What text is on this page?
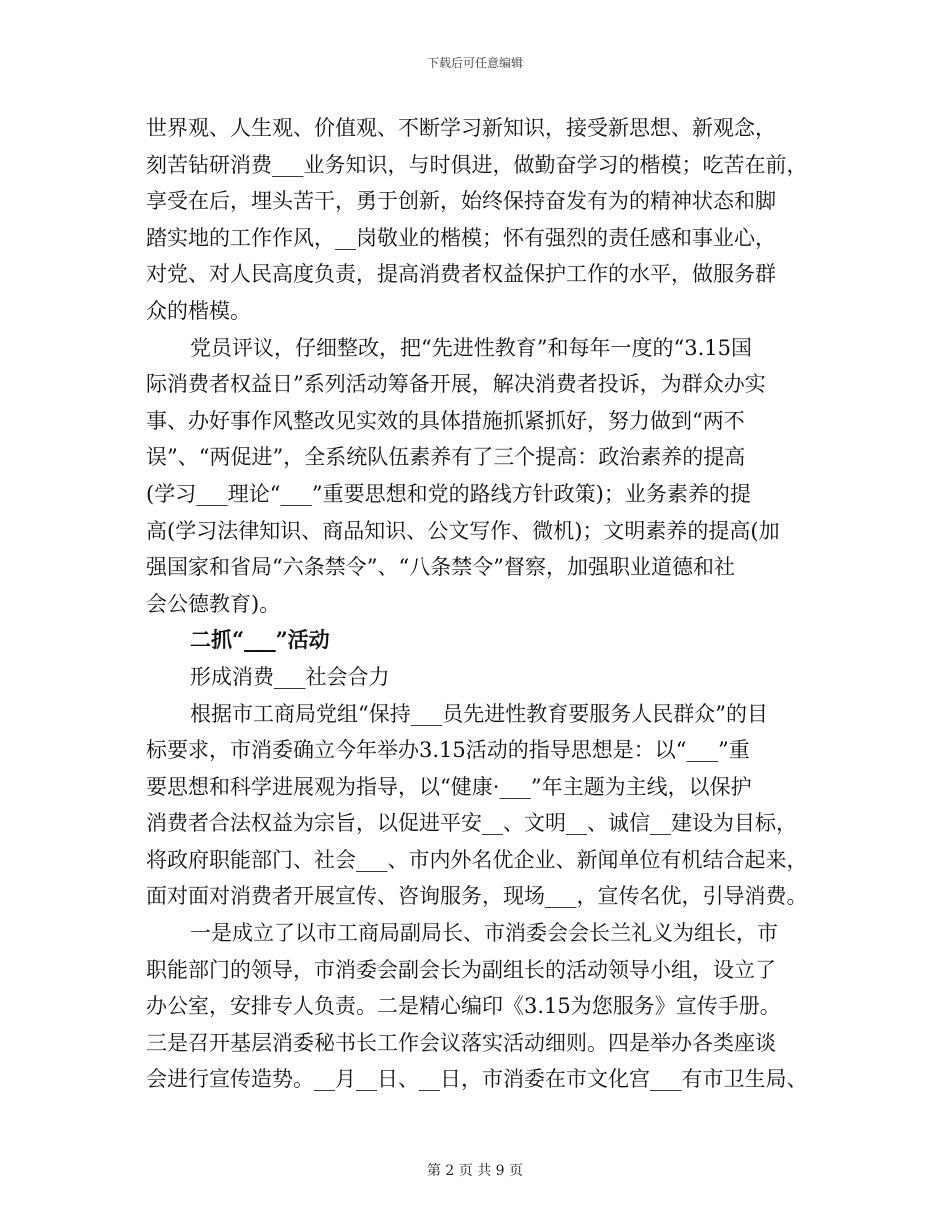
下载后可任意编辑
世界观、人生观、价值观、不断学习新知识，接受新思想、新观念，
刻苦钻研消费___业务知识，与时俱进，做勤奋学习的楷模；吃苦在前，
享受在后，埋头苦干，勇于创新，始终保持奋发有为的精神状态和脚
踏实地的工作作风，__岗敬业的楷模；怀有强烈的责任感和事业心，
对党、对人民高度负责，提高消费者权益保护工作的水平，做服务群
众的楷模。
党员评议，仔细整改，把“先进性教育”和每年一度的“3.15国
际消费者权益日”系列活动筹备开展，解决消费者投诉，为群众办实
事、办好事作风整改见实效的具体措施抓紧抓好，努力做到“两不
误”、“两促进”，全系统队伍素养有了三个提高：政治素养的提高
(学习___理论“___”重要思想和党的路线方针政策)；业务素养的提
高(学习法律知识、商品知识、公文写作、微机)；文明素养的提高(加
强国家和省局“六条禁令”、“八条禁令”督察，加强职业道德和社
会公德教育)。
二抓“___”活动
形成消费___社会合力
根据市工商局党组“保持___员先进性教育要服务人民群众”的目
标要求，市消委确立今年举办3.15活动的指导思想是：以“___”重
要思想和科学进展观为指导，以“健康·___”年主题为主线，以保护
消费者合法权益为宗旨，以促进平安__、文明__、诚信__建设为目标，
将政府职能部门、社会___、市内外名优企业、新闻单位有机结合起来，
面对面对消费者开展宣传、咨询服务，现场___，宣传名优，引导消费。
一是成立了以市工商局副局长、市消委会会长兰礼义为组长，市
职能部门的领导，市消委会副会长为副组长的活动领导小组，设立了
办公室，安排专人负责。二是精心编印《3.15为您服务》宣传手册。
三是召开基层消委秘书长工作会议落实活动细则。四是举办各类座谈
会进行宣传造势。__月__日、__日，市消委在市文化宫___有市卫生局、
第 2 页 共 9 页
